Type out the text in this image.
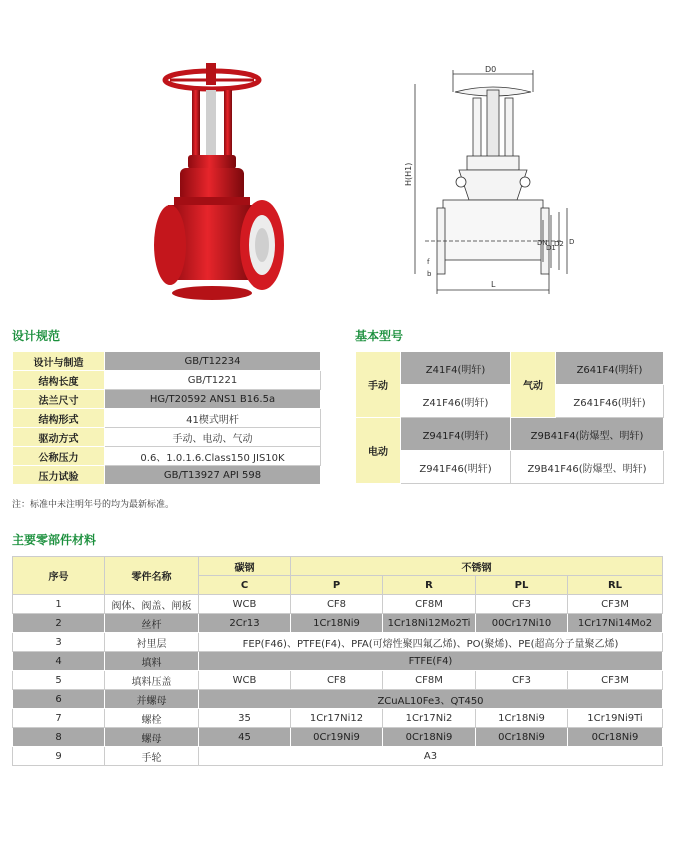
D0
H(H1)
DN
D1
D2 D
f
b
L
设计规范
设计与制造	GB/T12234
结构长度	GB/T1221
法兰尺寸	HG/T20592 ANS1 B16.5a
结构形式	41楔式明杆
驱动方式	手动、电动、气动
公称压力	0.6、1.0.1.6.Class150 JIS10K
压力试验	GB/T13927 API 598
注：标准中未注明年号的均为最新标准。
基本型号
手动	Z41F4(明轩)	气动	Z641F4(明轩)
	Z41F46(明轩)		Z641F46(明轩)
电动	Z941F4(明轩)	Z9B41F4(防爆型、明轩)	
	Z941F46(明轩)	Z9B41F46(防爆型、明轩)	
主要零部件材料
序号	零件名称	碳钢	不锈钢			
		C	P	R	PL	RL
1	阀体、阀盖、闸板	WCB	CF8	CF8M	CF3	CF3M
2	丝杆	2Cr13	1Cr18Ni9	1Cr18Ni12Mo2Ti	00Cr17Ni10	1Cr17Ni14Mo2
3	衬里层	FEP(F46)、PTFE(F4)、PFA(可熔性聚四氟乙烯)、PO(聚烯)、PE(超高分子量聚乙烯)				
4	填料	FTFE(F4)				
5	填料压盖	WCB	CF8	CF8M	CF3	CF3M
6	并螺母	ZCuAL10Fe3、QT450				
7	螺栓	35	1Cr17Ni12	1Cr17Ni2	1Cr18Ni9	1Cr19Ni9Ti
8	螺母	45	0Cr19Ni9	0Cr18Ni9	0Cr18Ni9	0Cr18Ni9
9	手轮	A3				
